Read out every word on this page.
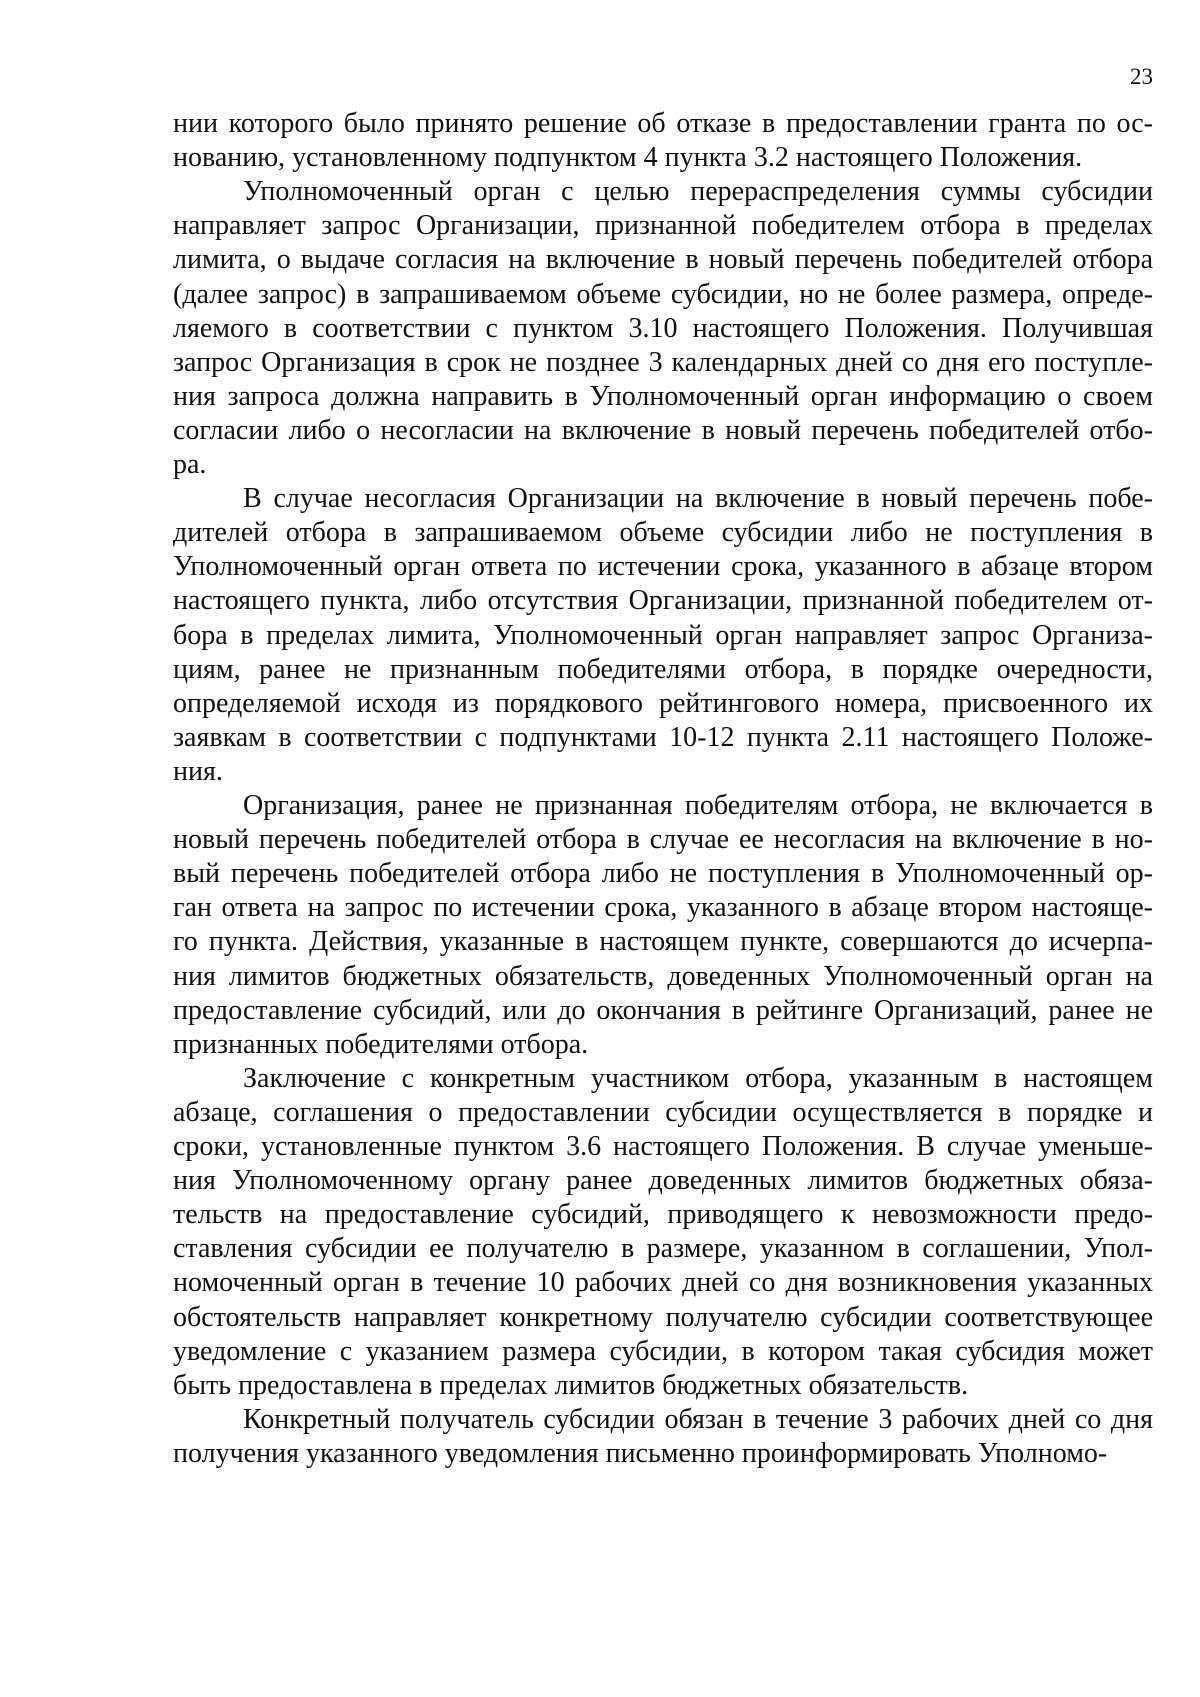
23
нии которого было принято решение об отказе в предоставлении гранта по ос-
нованию, установленному подпунктом 4 пункта 3.2 настоящего Положения.
Уполномоченный орган с целью перераспределения суммы субсидии
направляет запрос Организации, признанной победителем отбора в пределах
лимита, о выдаче согласия на включение в новый перечень победителей отбора
(далее запрос) в запрашиваемом объеме субсидии, но не более размера, опреде-
ляемого в соответствии с пунктом 3.10 настоящего Положения. Получившая
запрос Организация в срок не позднее 3 календарных дней со дня его поступле-
ния запроса должна направить в Уполномоченный орган информацию о своем
согласии либо о несогласии на включение в новый перечень победителей отбо-
ра.
В случае несогласия Организации на включение в новый перечень побе-
дителей отбора в запрашиваемом объеме субсидии либо не поступления в
Уполномоченный орган ответа по истечении срока, указанного в абзаце втором
настоящего пункта, либо отсутствия Организации, признанной победителем от-
бора в пределах лимита, Уполномоченный орган направляет запрос Организа-
циям, ранее не признанным победителями отбора, в порядке очередности,
определяемой исходя из порядкового рейтингового номера, присвоенного их
заявкам в соответствии с подпунктами 10-12 пункта 2.11 настоящего Положе-
ния.
Организация, ранее не признанная победителям отбора, не включается в
новый перечень победителей отбора в случае ее несогласия на включение в но-
вый перечень победителей отбора либо не поступления в Уполномоченный ор-
ган ответа на запрос по истечении срока, указанного в абзаце втором настояще-
го пункта. Действия, указанные в настоящем пункте, совершаются до исчерпа-
ния лимитов бюджетных обязательств, доведенных Уполномоченный орган на
предоставление субсидий, или до окончания в рейтинге Организаций, ранее не
признанных победителями отбора.
Заключение с конкретным участником отбора, указанным в настоящем
абзаце, соглашения о предоставлении субсидии осуществляется в порядке и
сроки, установленные пунктом 3.6 настоящего Положения. В случае уменьше-
ния Уполномоченному органу ранее доведенных лимитов бюджетных обяза-
тельств на предоставление субсидий, приводящего к невозможности предо-
ставления субсидии ее получателю в размере, указанном в соглашении, Упол-
номоченный орган в течение 10 рабочих дней со дня возникновения указанных
обстоятельств направляет конкретному получателю субсидии соответствующее
уведомление с указанием размера субсидии, в котором такая субсидия может
быть предоставлена в пределах лимитов бюджетных обязательств.
Конкретный получатель субсидии обязан в течение 3 рабочих дней со дня
получения указанного уведомления письменно проинформировать Уполномо-
